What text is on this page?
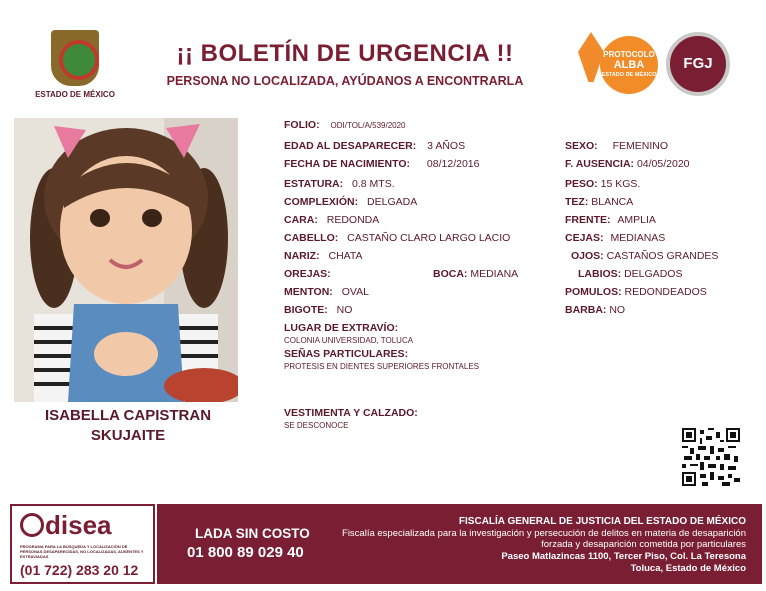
ESTADO DE MÉXICO
¡¡ BOLETÍN DE URGENCIA !!
PERSONA NO LOCALIZADA, AYÚDANOS A ENCONTRARLA
PROTOCOLO
ALBA
ESTADO DE MÉXICO
FGJ
ISABELLA CAPISTRAN
SKUJAITE
FOLIO: ODI/TOL/A/539/2020
EDAD AL DESAPARECER: 3 AÑOS	SEXO: FEMENINO
FECHA DE NACIMIENTO: 08/12/2016	F. AUSENCIA: 04/05/2020
ESTATURA: 0.8 MTS.	PESO: 15 KGS.
COMPLEXIÓN: DELGADA	TEZ: BLANCA
CARA: REDONDA	FRENTE: AMPLIA
CABELLO: CASTAÑO CLARO LARGO LACIO	CEJAS: MEDIANAS
NARIZ: CHATA	OJOS: CASTAÑOS GRANDES
OREJAS:	BOCA: MEDIANA	LABIOS: DELGADOS
MENTON: OVAL	POMULOS: REDONDEADOS
BIGOTE: NO	BARBA: NO
LUGAR DE EXTRAVÍO:
COLONIA UNIVERSIDAD, TOLUCA
SEÑAS PARTICULARES:
PROTESIS EN DIENTES SUPERIORES FRONTALES
VESTIMENTA Y CALZADO:
SE DESCONOCE
disea
PROGRAMA PARA LA BÚSQUEDA Y LOCALIZACIÓN DE PERSONAS DESAPARECIDAS, NO LOCALIZADAS, AUSENTES Y EXTRAVIADAS
(01 722) 283 20 12
LADA SIN COSTO
01 800 89 029 40
FISCALÍA GENERAL DE JUSTICIA DEL ESTADO DE MÉXICO
Fiscalía especializada para la investigación y persecución de delitos en materia de desaparición forzada y desaparición cometida por particulares
Paseo Matlazincas 1100, Tercer Piso, Col. La Teresona
Toluca, Estado de México
